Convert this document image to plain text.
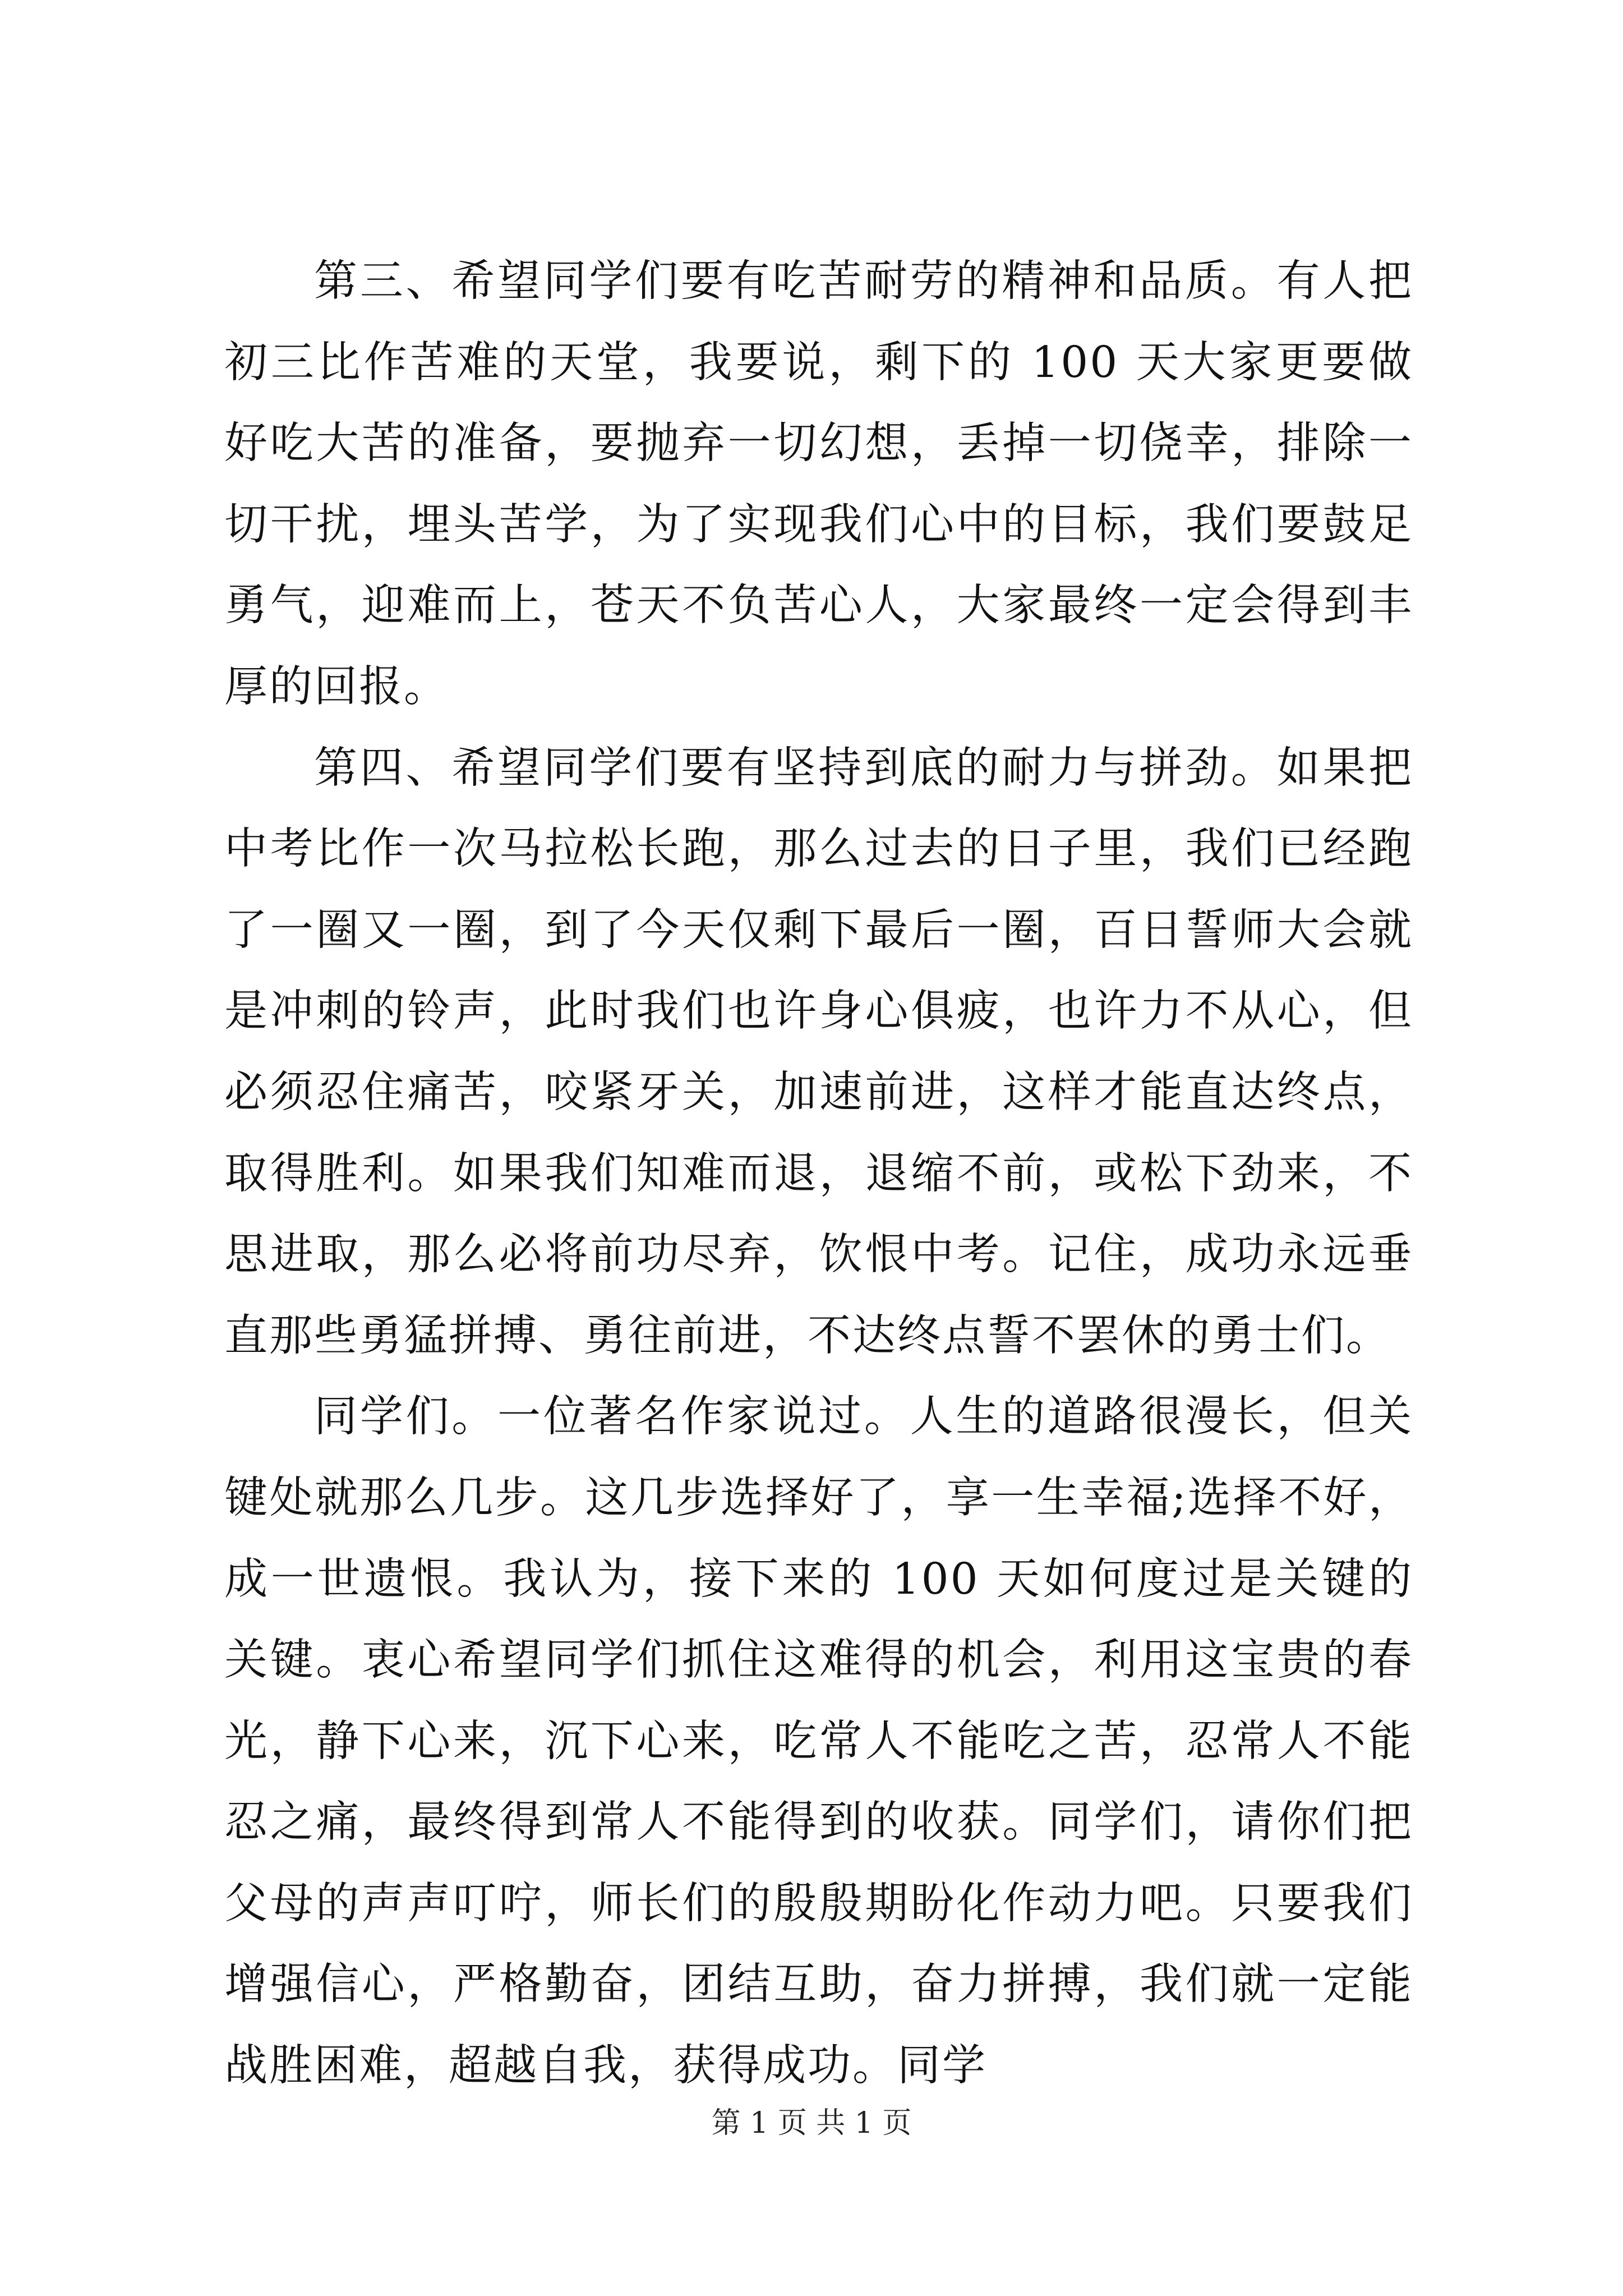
第三、希望同学们要有吃苦耐劳的精神和品质。有人把初三比作苦难的天堂，我要说，剩下的 100 天大家更要做好吃大苦的准备，要抛弃一切幻想，丢掉一切侥幸，排除一切干扰，埋头苦学，为了实现我们心中的目标，我们要鼓足勇气，迎难而上，苍天不负苦心人，大家最终一定会得到丰厚的回报。

第四、希望同学们要有坚持到底的耐力与拼劲。如果把中考比作一次马拉松长跑，那么过去的日子里，我们已经跑了一圈又一圈，到了今天仅剩下最后一圈，百日誓师大会就是冲刺的铃声，此时我们也许身心俱疲，也许力不从心，但必须忍住痛苦，咬紧牙关，加速前进，这样才能直达终点，取得胜利。如果我们知难而退，退缩不前，或松下劲来，不思进取，那么必将前功尽弃，饮恨中考。记住，成功永远垂直那些勇猛拼搏、勇往前进，不达终点誓不罢休的勇士们。

同学们。一位著名作家说过。人生的道路很漫长，但关键处就那么几步。这几步选择好了，享一生幸福;选择不好，成一世遗恨。我认为，接下来的 100 天如何度过是关键的关键。衷心希望同学们抓住这难得的机会，利用这宝贵的春光，静下心来，沉下心来，吃常人不能吃之苦，忍常人不能忍之痛，最终得到常人不能得到的收获。同学们，请你们把父母的声声叮咛，师长们的殷殷期盼化作动力吧。只要我们增强信心，严格勤奋，团结互助，奋力拼搏，我们就一定能战胜困难，超越自我，获得成功。同学

第 1 页 共 1 页
